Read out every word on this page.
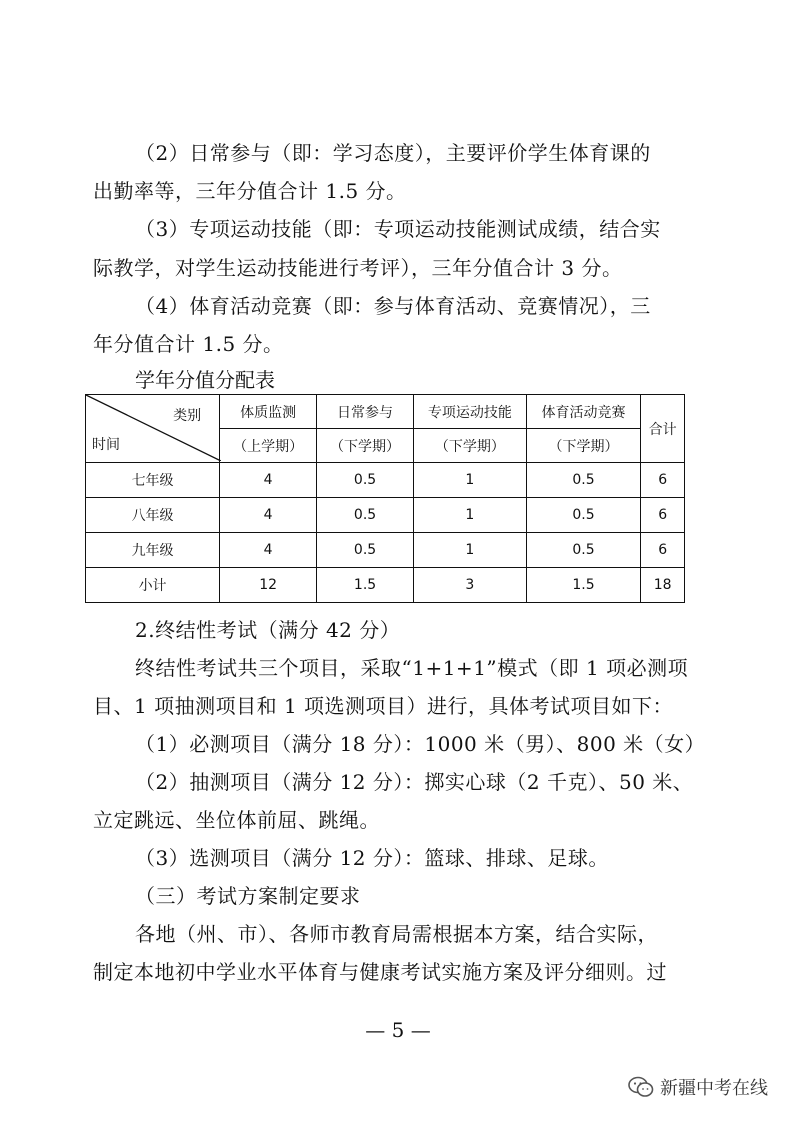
（2）日常参与（即：学习态度），主要评价学生体育课的

出勤率等，三年分值合计 1.5 分。

（3）专项运动技能（即：专项运动技能测试成绩，结合实

际教学，对学生运动技能进行考评），三年分值合计 3 分。

（4）体育活动竞赛（即：参与体育活动、竞赛情况），三

年分值合计 1.5 分。

学年分值分配表

类别
时间	体质监测	日常参与	专项运动技能	体育活动竞赛	合计
	（上学期）	（下学期）	（下学期）	（下学期）	
七年级	4	0.5	1	0.5	6
八年级	4	0.5	1	0.5	6
九年级	4	0.5	1	0.5	6
小计	12	1.5	3	1.5	18

2.终结性考试（满分 42 分）

终结性考试共三个项目，采取“1+1+1”模式（即 1 项必测项

目、1 项抽测项目和 1 项选测项目）进行，具体考试项目如下：

（1）必测项目（满分 18 分）：1000 米（男）、800 米（女）

（2）抽测项目（满分 12 分）：掷实心球（2 千克）、50 米、

立定跳远、坐位体前屈、跳绳。

（3）选测项目（满分 12 分）：篮球、排球、足球。

（三）考试方案制定要求

各地（州、市）、各师市教育局需根据本方案，结合实际，

制定本地初中学业水平体育与健康考试实施方案及评分细则。过

— 5 —
新疆中考在线
